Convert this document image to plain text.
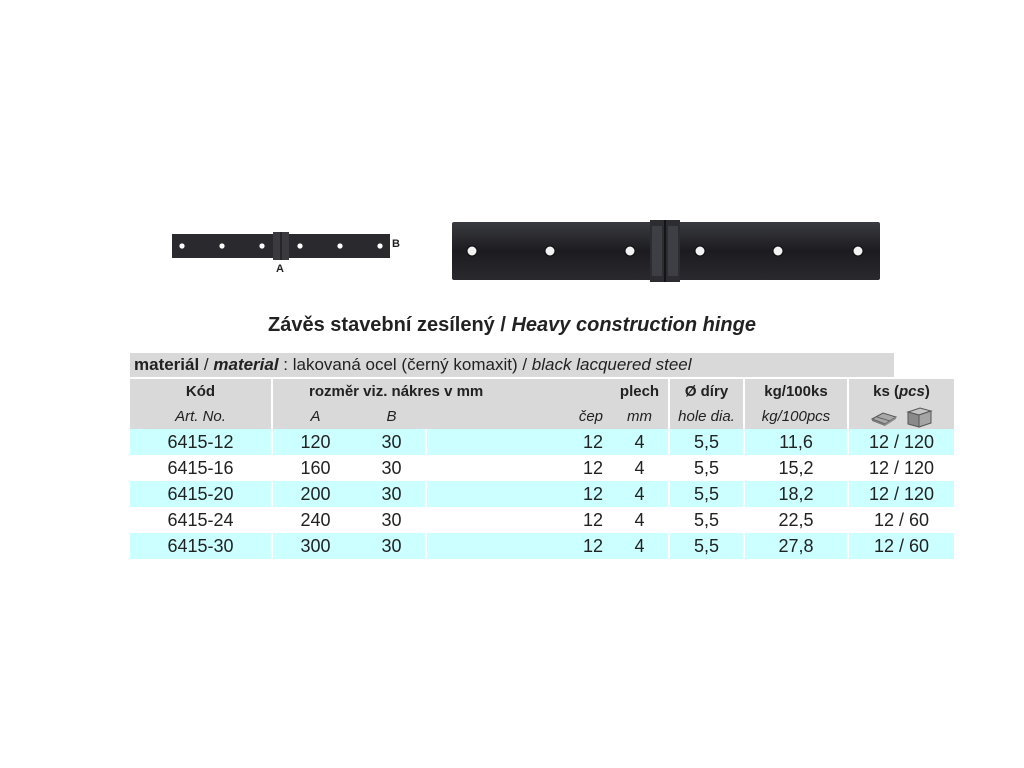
A
B
Závěs stavební zesílený / Heavy construction hinge
materiál / material : lakovaná ocel (černý komaxit) / black lacquered steel
Kód	rozměr viz. nákres v mm	plech	Ø díry	kg/100ks	ks (pcs)
Art. No.	A	B	čep	mm	hole dia.	kg/100pcs

6415-12	120	30	12	4	5,5	11,6	12 / 120
6415-16	160	30	12	4	5,5	15,2	12 / 120
6415-20	200	30	12	4	5,5	18,2	12 / 120
6415-24	240	30	12	4	5,5	22,5	12 / 60
6415-30	300	30	12	4	5,5	27,8	12 / 60
